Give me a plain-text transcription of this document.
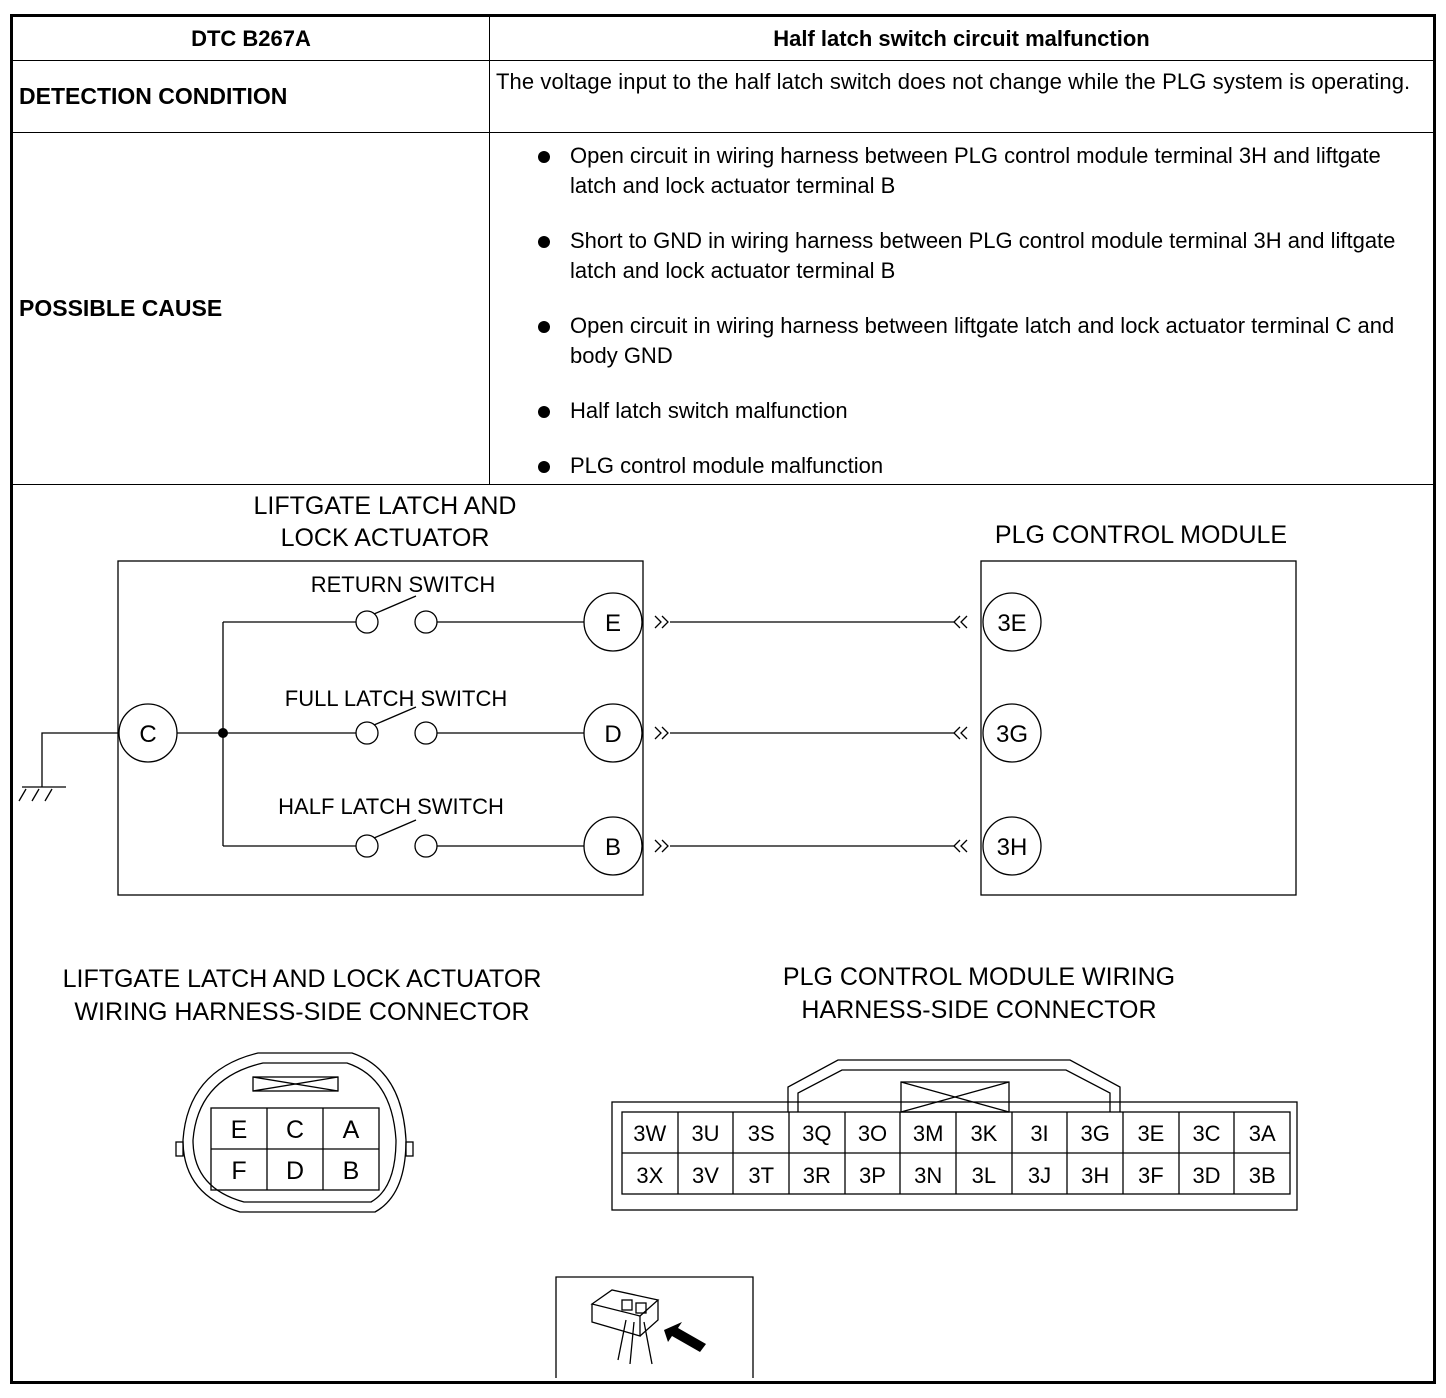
DTC B267A	Half latch switch circuit malfunction
DETECTION CONDITION
The voltage input to the half latch switch does not change while the PLG system is operating.
POSSIBLE CAUSE
Open circuit in wiring harness between PLG control module terminal 3H and liftgate latch and lock actuator terminal B
Short to GND in wiring harness between PLG control module terminal 3H and liftgate latch and lock actuator terminal B
Open circuit in wiring harness between liftgate latch and lock actuator terminal C and body GND
Half latch switch malfunction
PLG control module malfunction
LIFTGATE LATCH AND
LOCK ACTUATOR	PLG CONTROL MODULE
RETURN SWITCH
FULL LATCH SWITCH
HALF LATCH SWITCH
C
E
D
B
3E
3G
3H
LIFTGATE LATCH AND LOCK ACTUATOR
WIRING HARNESS-SIDE CONNECTOR
PLG CONTROL MODULE WIRING
HARNESS-SIDE CONNECTOR
E C A
F D B
3W 3U 3S 3Q 3O 3M 3K 3I 3G 3E 3C 3A
3X 3V 3T 3R 3P 3N 3L 3J 3H 3F 3D 3B
